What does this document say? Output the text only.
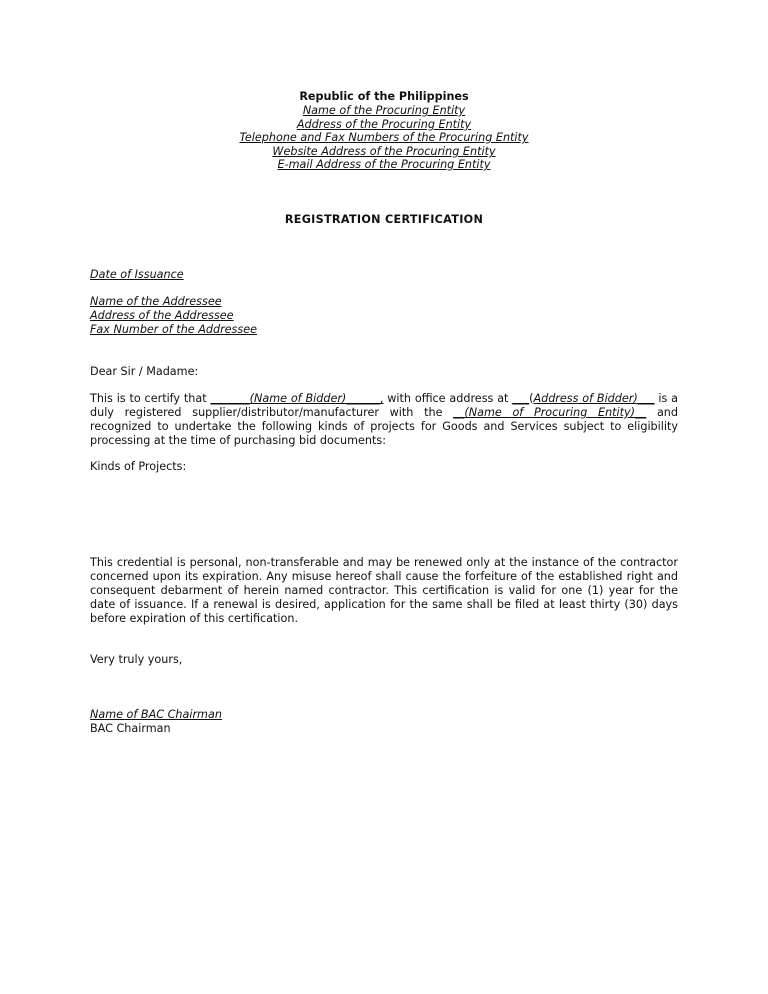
Republic of the Philippines
Name of the Procuring Entity
Address of the Procuring Entity
Telephone and Fax Numbers of the Procuring Entity
Website Address of the Procuring Entity
E-mail Address of the Procuring Entity
REGISTRATION CERTIFICATION
Date of Issuance
Name of the Addressee
Address of the Addressee
Fax Number of the Addressee
Dear Sir / Madame:
This is to certify that _______(Name of Bidder)______, with office address at ___(Address of Bidder)___ is a duly registered supplier/distributor/manufacturer with the __(Name of Procuring Entity)__ and recognized to undertake the following kinds of projects for Goods and Services subject to eligibility processing at the time of purchasing bid documents:
Kinds of Projects:
This credential is personal, non-transferable and may be renewed only at the instance of the contractor concerned upon its expiration. Any misuse hereof shall cause the forfeiture of the established right and consequent debarment of herein named contractor. This certification is valid for one (1) year for the date of issuance. If a renewal is desired, application for the same shall be filed at least thirty (30) days before expiration of this certification.
Very truly yours,
Name of BAC Chairman
BAC Chairman
